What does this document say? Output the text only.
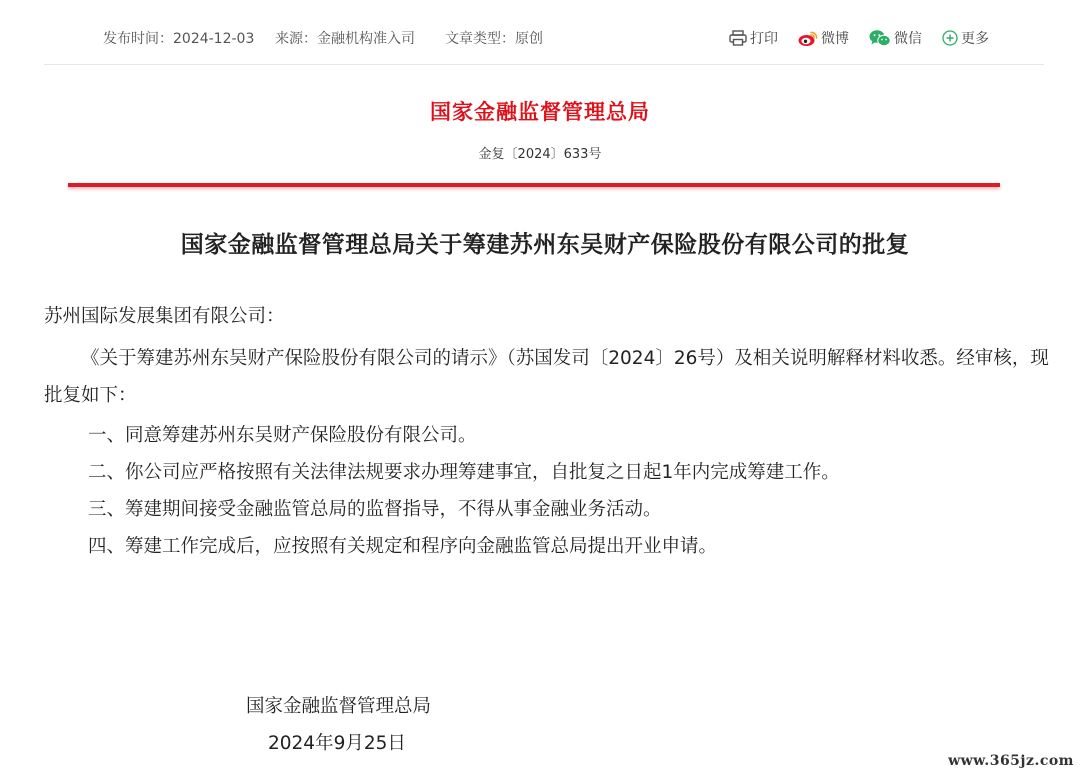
发布时间：2024-12-03 来源：金融机构准入司 文章类型：原创	打印	微博	微信	更多
国家金融监督管理总局
金复〔2024〕633号
国家金融监督管理总局关于筹建苏州东吴财产保险股份有限公司的批复
苏州国际发展集团有限公司：
《关于筹建苏州东吴财产保险股份有限公司的请示》（苏国发司〔2024〕26号）及相关说明解释材料收悉。经审核，现批复如下：
一、同意筹建苏州东吴财产保险股份有限公司。
二、你公司应严格按照有关法律法规要求办理筹建事宜，自批复之日起1年内完成筹建工作。
三、筹建期间接受金融监管总局的监督指导，不得从事金融业务活动。
四、筹建工作完成后，应按照有关规定和程序向金融监管总局提出开业申请。
国家金融监督管理总局
2024年9月25日
www.365jz.com
